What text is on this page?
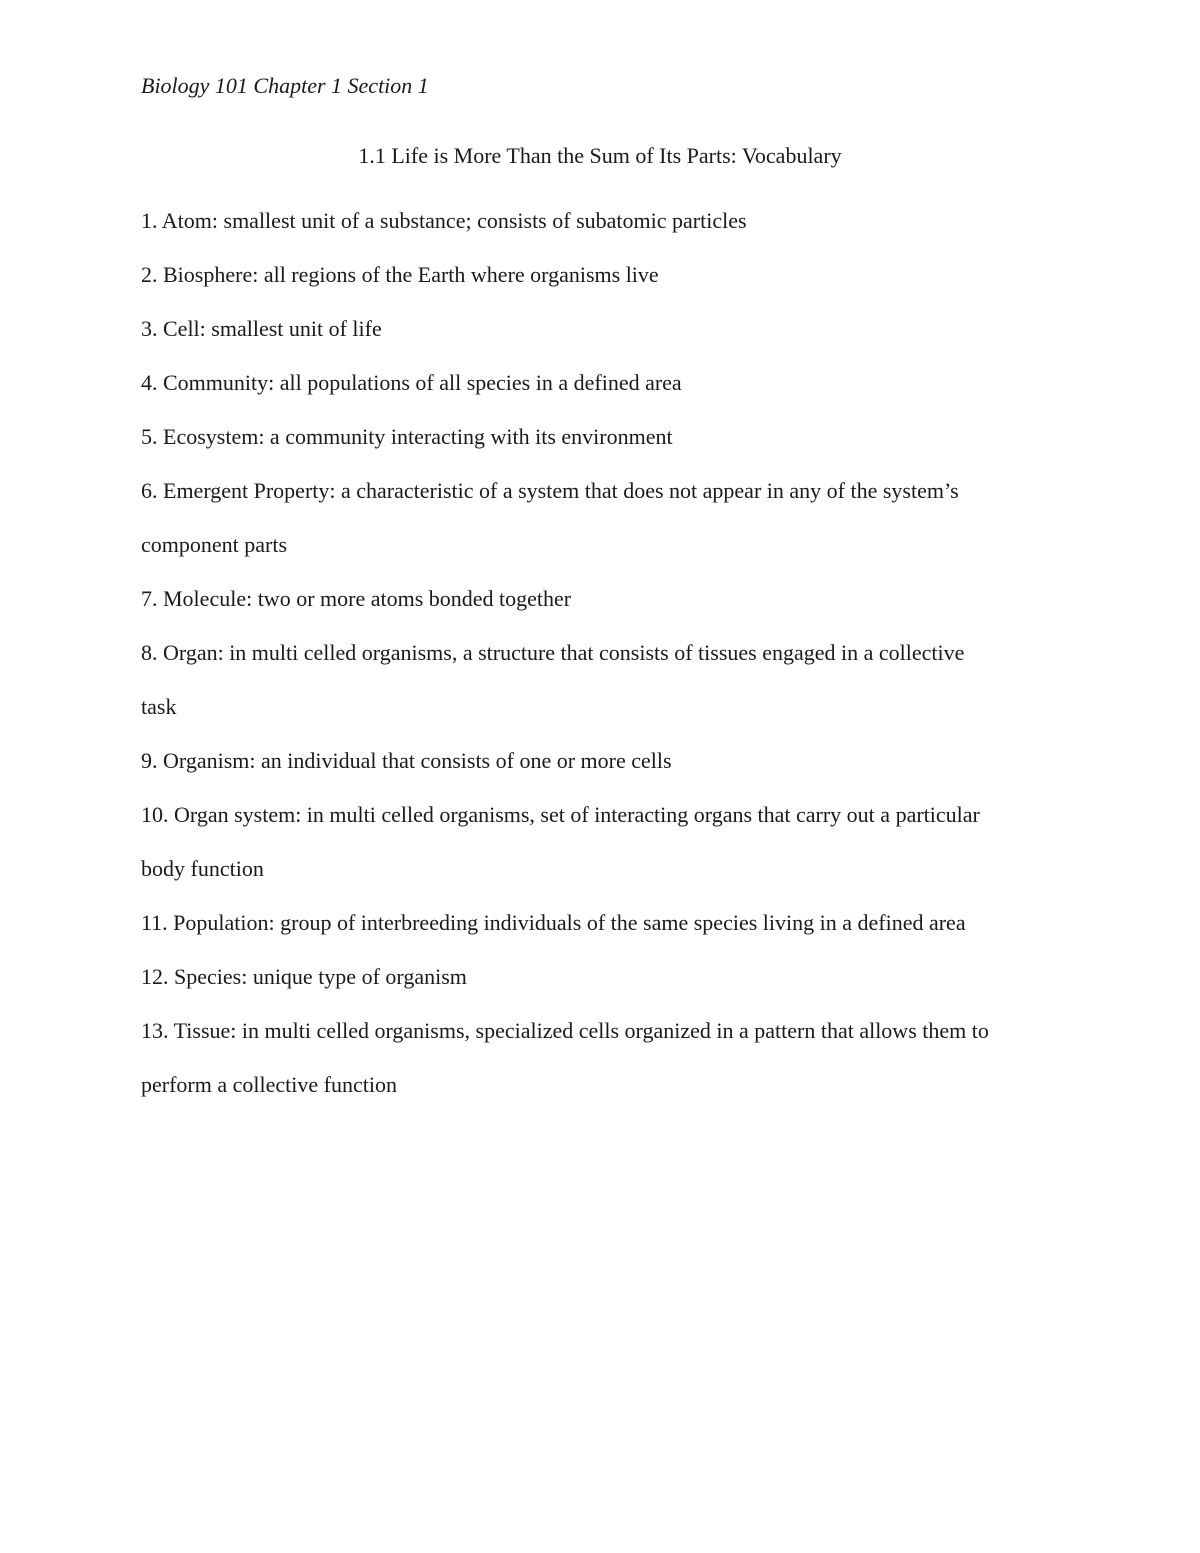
Biology 101 Chapter 1 Section 1
1.1 Life is More Than the Sum of Its Parts: Vocabulary
1. Atom: smallest unit of a substance; consists of subatomic particles
2. Biosphere: all regions of the Earth where organisms live
3. Cell: smallest unit of life
4. Community: all populations of all species in a defined area
5. Ecosystem: a community interacting with its environment
6. Emergent Property: a characteristic of a system that does not appear in any of the system’s
component parts
7. Molecule: two or more atoms bonded together
8. Organ: in multi celled organisms, a structure that consists of tissues engaged in a collective
task
9. Organism: an individual that consists of one or more cells
10. Organ system: in multi celled organisms, set of interacting organs that carry out a particular
body function
11. Population: group of interbreeding individuals of the same species living in a defined area
12. Species: unique type of organism
13. Tissue: in multi celled organisms, specialized cells organized in a pattern that allows them to
perform a collective function
